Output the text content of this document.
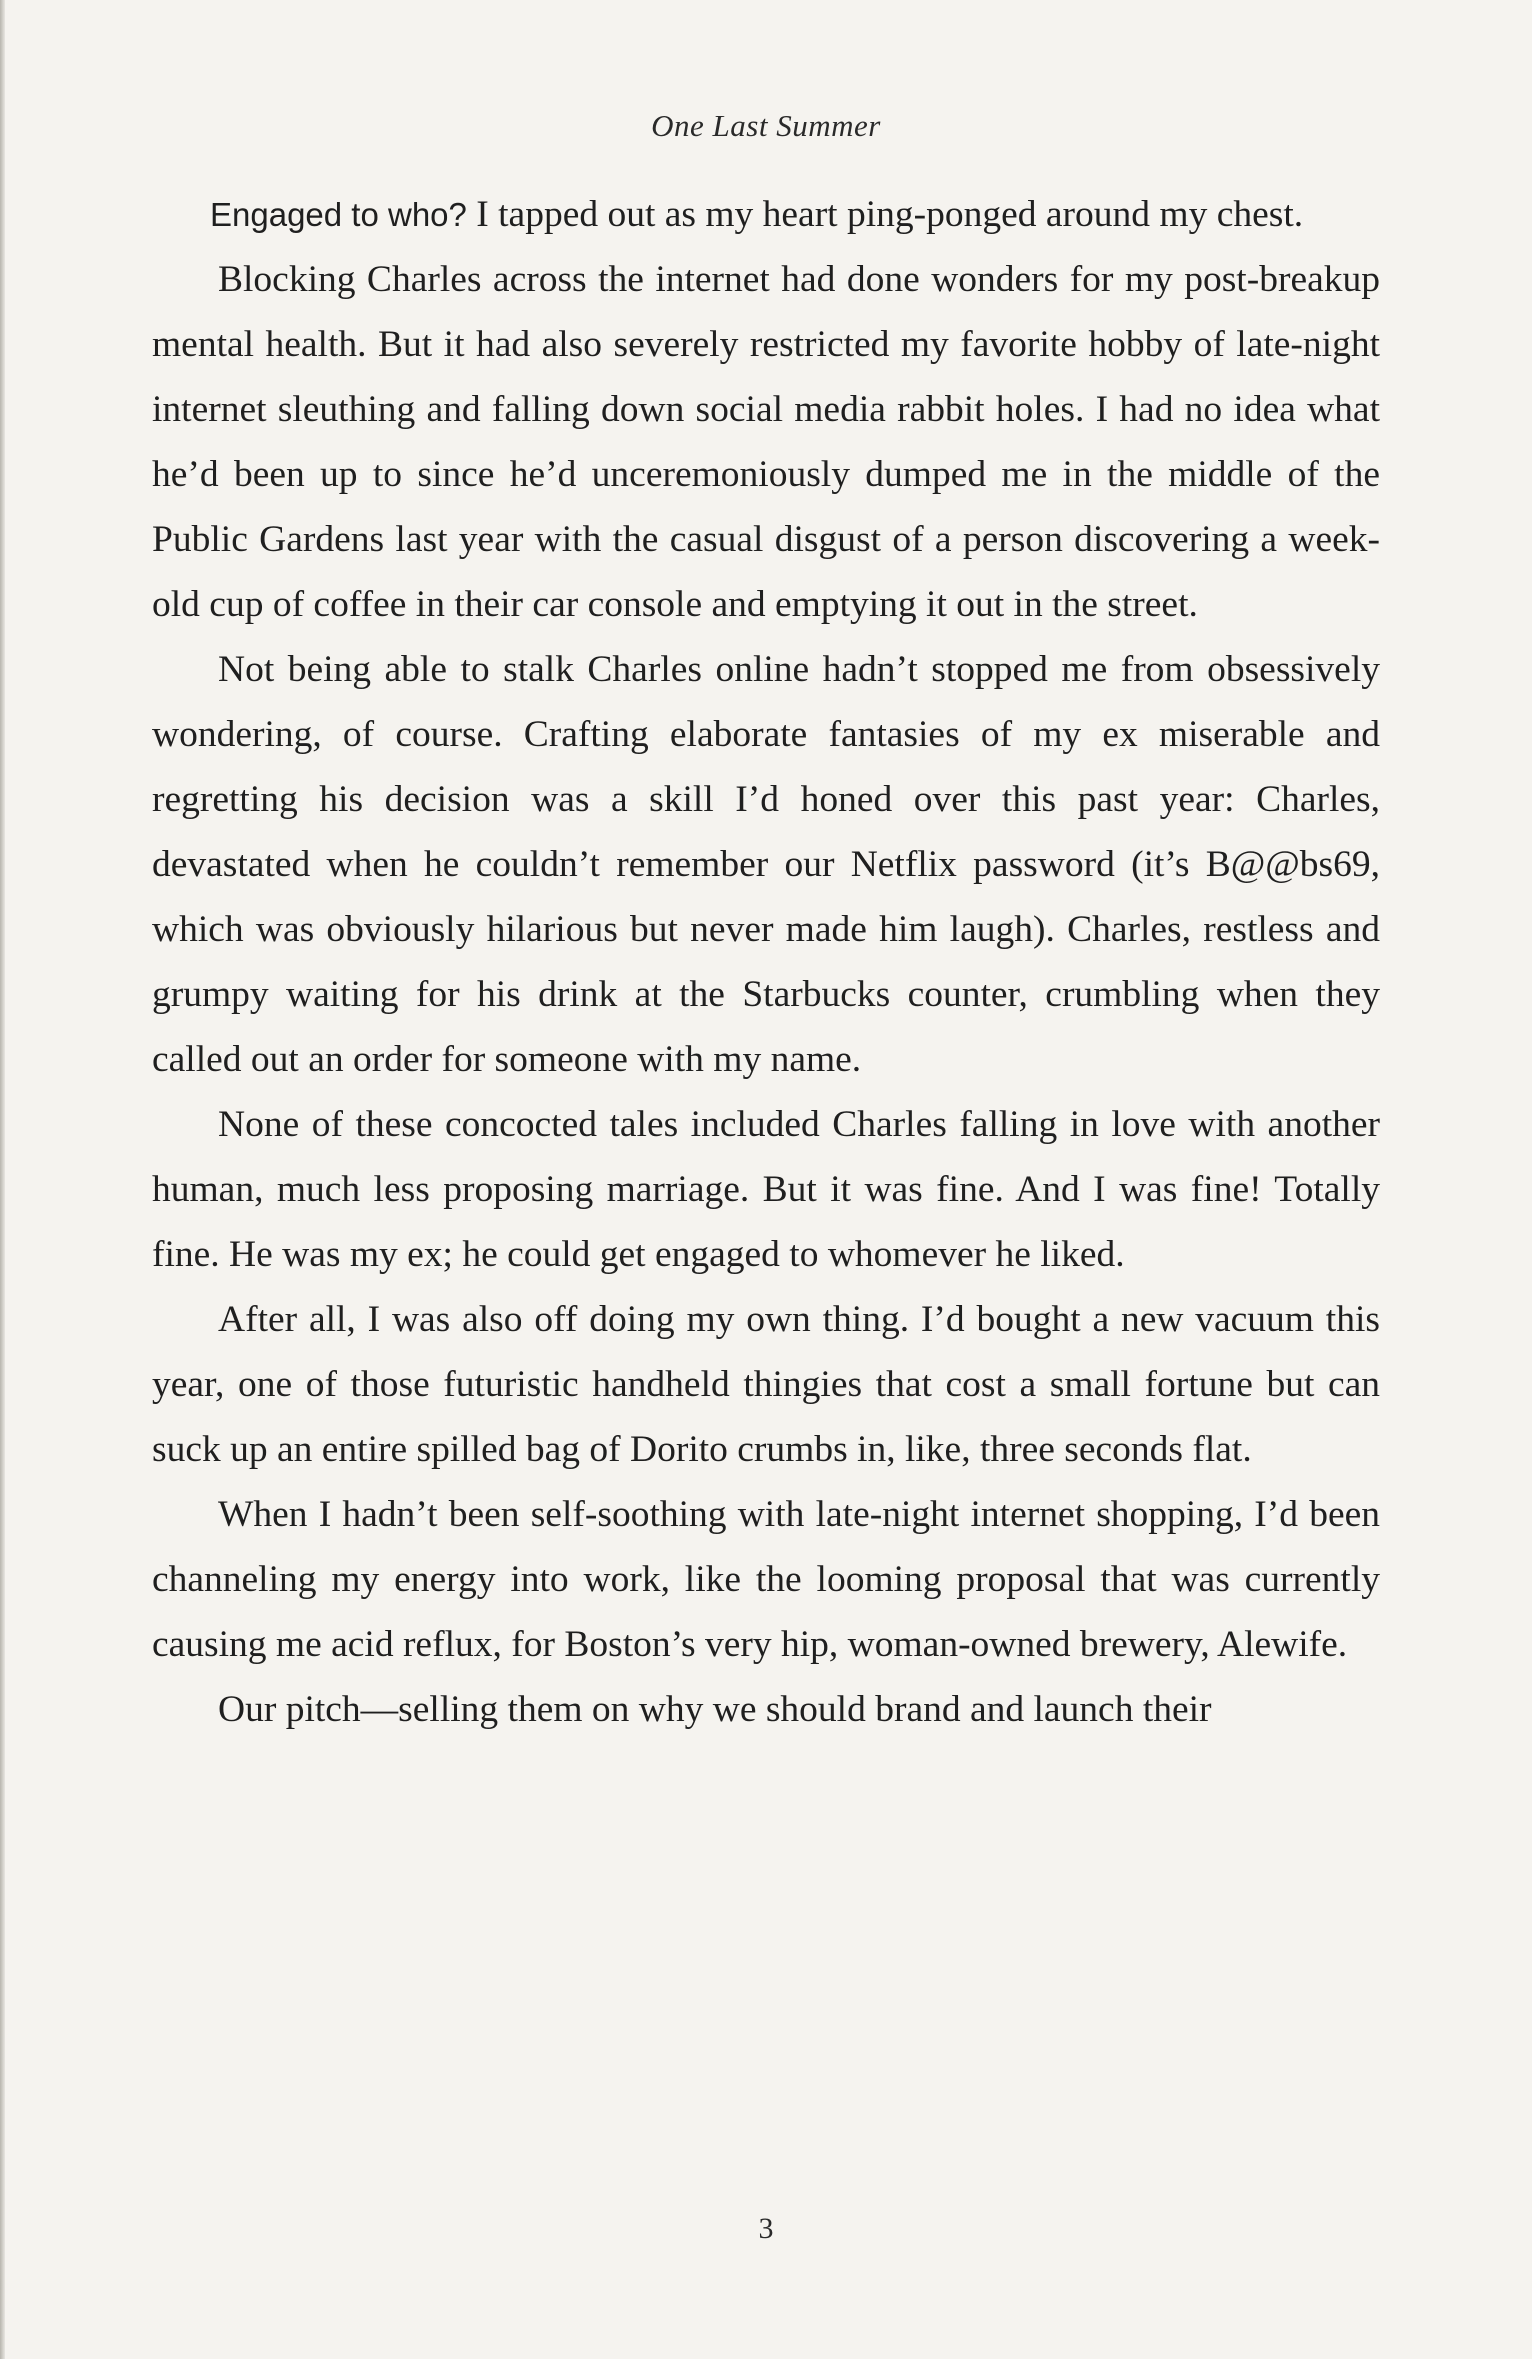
One Last Summer

Engaged to who? I tapped out as my heart ping-ponged around my chest.

Blocking Charles across the internet had done wonders for my post-breakup mental health. But it had also severely restricted my favorite hobby of late-night internet sleuthing and falling down social media rabbit holes. I had no idea what he’d been up to since he’d unceremoniously dumped me in the middle of the Public Gardens last year with the casual disgust of a person discovering a week-old cup of coffee in their car console and emptying it out in the street.

Not being able to stalk Charles online hadn’t stopped me from obsessively wondering, of course. Crafting elaborate fantasies of my ex miserable and regretting his decision was a skill I’d honed over this past year: Charles, devastated when he couldn’t remember our Netflix password (it’s B@@bs69, which was obviously hilarious but never made him laugh). Charles, restless and grumpy waiting for his drink at the Starbucks counter, crumbling when they called out an order for someone with my name.

None of these concocted tales included Charles falling in love with another human, much less proposing marriage. But it was fine. And I was fine! Totally fine. He was my ex; he could get engaged to whomever he liked.

After all, I was also off doing my own thing. I’d bought a new vacuum this year, one of those futuristic handheld thingies that cost a small fortune but can suck up an entire spilled bag of Dorito crumbs in, like, three seconds flat.

When I hadn’t been self-soothing with late-night internet shopping, I’d been channeling my energy into work, like the looming proposal that was currently causing me acid reflux, for Boston’s very hip, woman-owned brewery, Alewife.

Our pitch—selling them on why we should brand and launch their

3
